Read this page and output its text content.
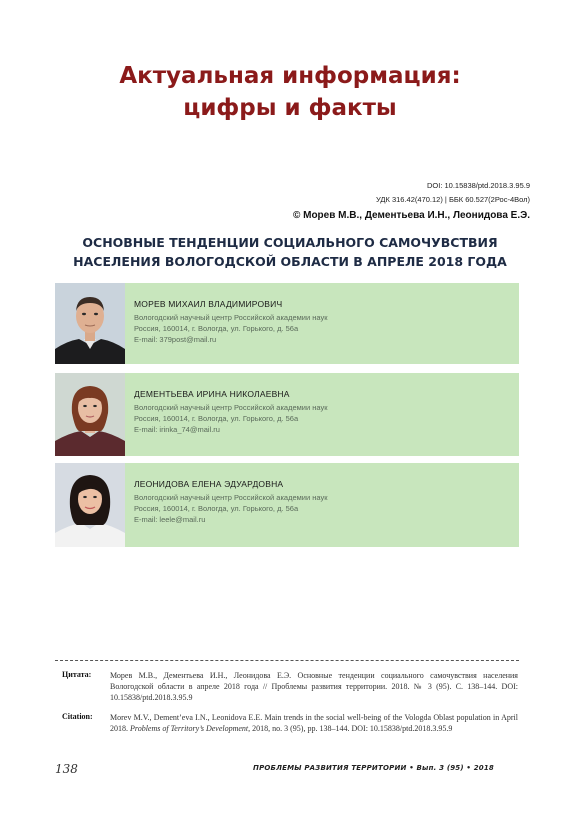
Актуальная информация:
цифры и факты
DOI: 10.15838/ptd.2018.3.95.9
УДК 316.42(470.12) | ББК 60.527(2Рос-4Вол)
© Морев М.В., Дементьева И.Н., Леонидова Е.Э.
ОСНОВНЫЕ ТЕНДЕНЦИИ СОЦИАЛЬНОГО САМОЧУВСТВИЯ
НАСЕЛЕНИЯ ВОЛОГОДСКОЙ ОБЛАСТИ В АПРЕЛЕ 2018 ГОДА
МОРЕВ МИХАИЛ ВЛАДИМИРОВИЧ
Вологодский научный центр Российской академии наук
Россия, 160014, г. Вологда, ул. Горького, д. 56а
E-mail: 379post@mail.ru
ДЕМЕНТЬЕВА ИРИНА НИКОЛАЕВНА
Вологодский научный центр Российской академии наук
Россия, 160014, г. Вологда, ул. Горького, д. 56а
E-mail: irinka_74@mail.ru
ЛЕОНИДОВА ЕЛЕНА ЭДУАРДОВНА
Вологодский научный центр Российской академии наук
Россия, 160014, г. Вологда, ул. Горького, д. 56а
E-mail: leele@mail.ru
Цитата: Морев М.В., Дементьева И.Н., Леонидова Е.Э. Основные тенденции социального самочувствия населения Вологодской области в апреле 2018 года // Проблемы развития территории. 2018. № 3 (95). С. 138–144. DOI: 10.15838/ptd.2018.3.95.9
Citation: Morev M.V., Dement’eva I.N., Leonidova E.E. Main trends in the social well-being of the Vologda Oblast population in April 2018. Problems of Territory’s Development, 2018, no. 3 (95), pp. 138–144. DOI: 10.15838/ptd.2018.3.95.9
138	ПРОБЛЕМЫ РАЗВИТИЯ ТЕРРИТОРИИ • Вып. 3 (95) • 2018
